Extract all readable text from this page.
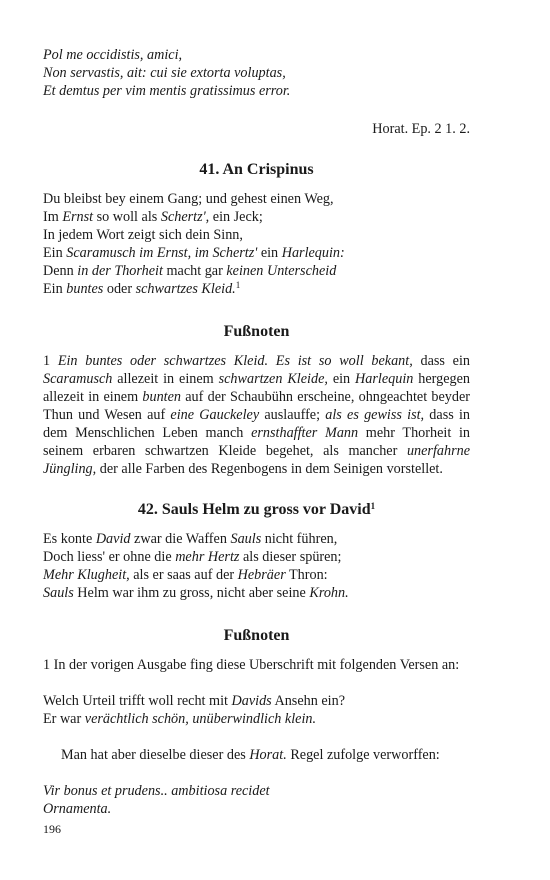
Pol me occidistis, amici,

Non servastis, ait: cui sie extorta voluptas,

Et demtus per vim mentis gratissimus error.

Horat. Ep. 2 1. 2.
41. An Crispinus

Du bleibst bey einem Gang; und gehest einen Weg,

Im Ernst so woll als Schertz', ein Jeck;

In jedem Wort zeigt sich dein Sinn,

Ein Scaramusch im Ernst, im Schertz' ein Harlequin:

Denn in der Thorheit macht gar keinen Unterscheid

Ein buntes oder schwartzes Kleid.$^1$

Fußnoten

1 Ein buntes oder schwartzes Kleid. Es ist so woll bekant, dass ein Scaramusch allezeit in einem schwartzen Kleide, ein Harlequin hergegen allezeit in einem bunten auf der Schaubühn erscheine, ohngeachtet beyder Thun und Wesen auf eine Gauckeley auslauffe; als es gewiss ist, dass in dem Menschlichen Leben manch ernsthaffter Mann mehr Thorheit in seinem erbaren schwartzen Kleide begehet, als mancher unerfahrne Jüngling, der alle Farben des Regenbogens in dem Seinigen vorstellet.

42. Sauls Helm zu gross vor David$^1$

Es konte David zwar die Waffen Sauls nicht führen,

Doch liess' er ohne die mehr Hertz als dieser spüren;

Mehr Klugheit, als er saas auf der Hebräer Thron:

Sauls Helm war ihm zu gross, nicht aber seine Krohn.

Fußnoten

1 In der vorigen Ausgabe fing diese Uberschrift mit folgenden Versen an:

Welch Urteil trifft woll recht mit Davids Ansehn ein?

Er war verächtlich schön, unüberwindlich klein.

Man hat aber dieselbe dieser des Horat. Regel zufolge verworffen:

Vir bonus et prudens.. ambitiosa recidet

Ornamenta.

196
